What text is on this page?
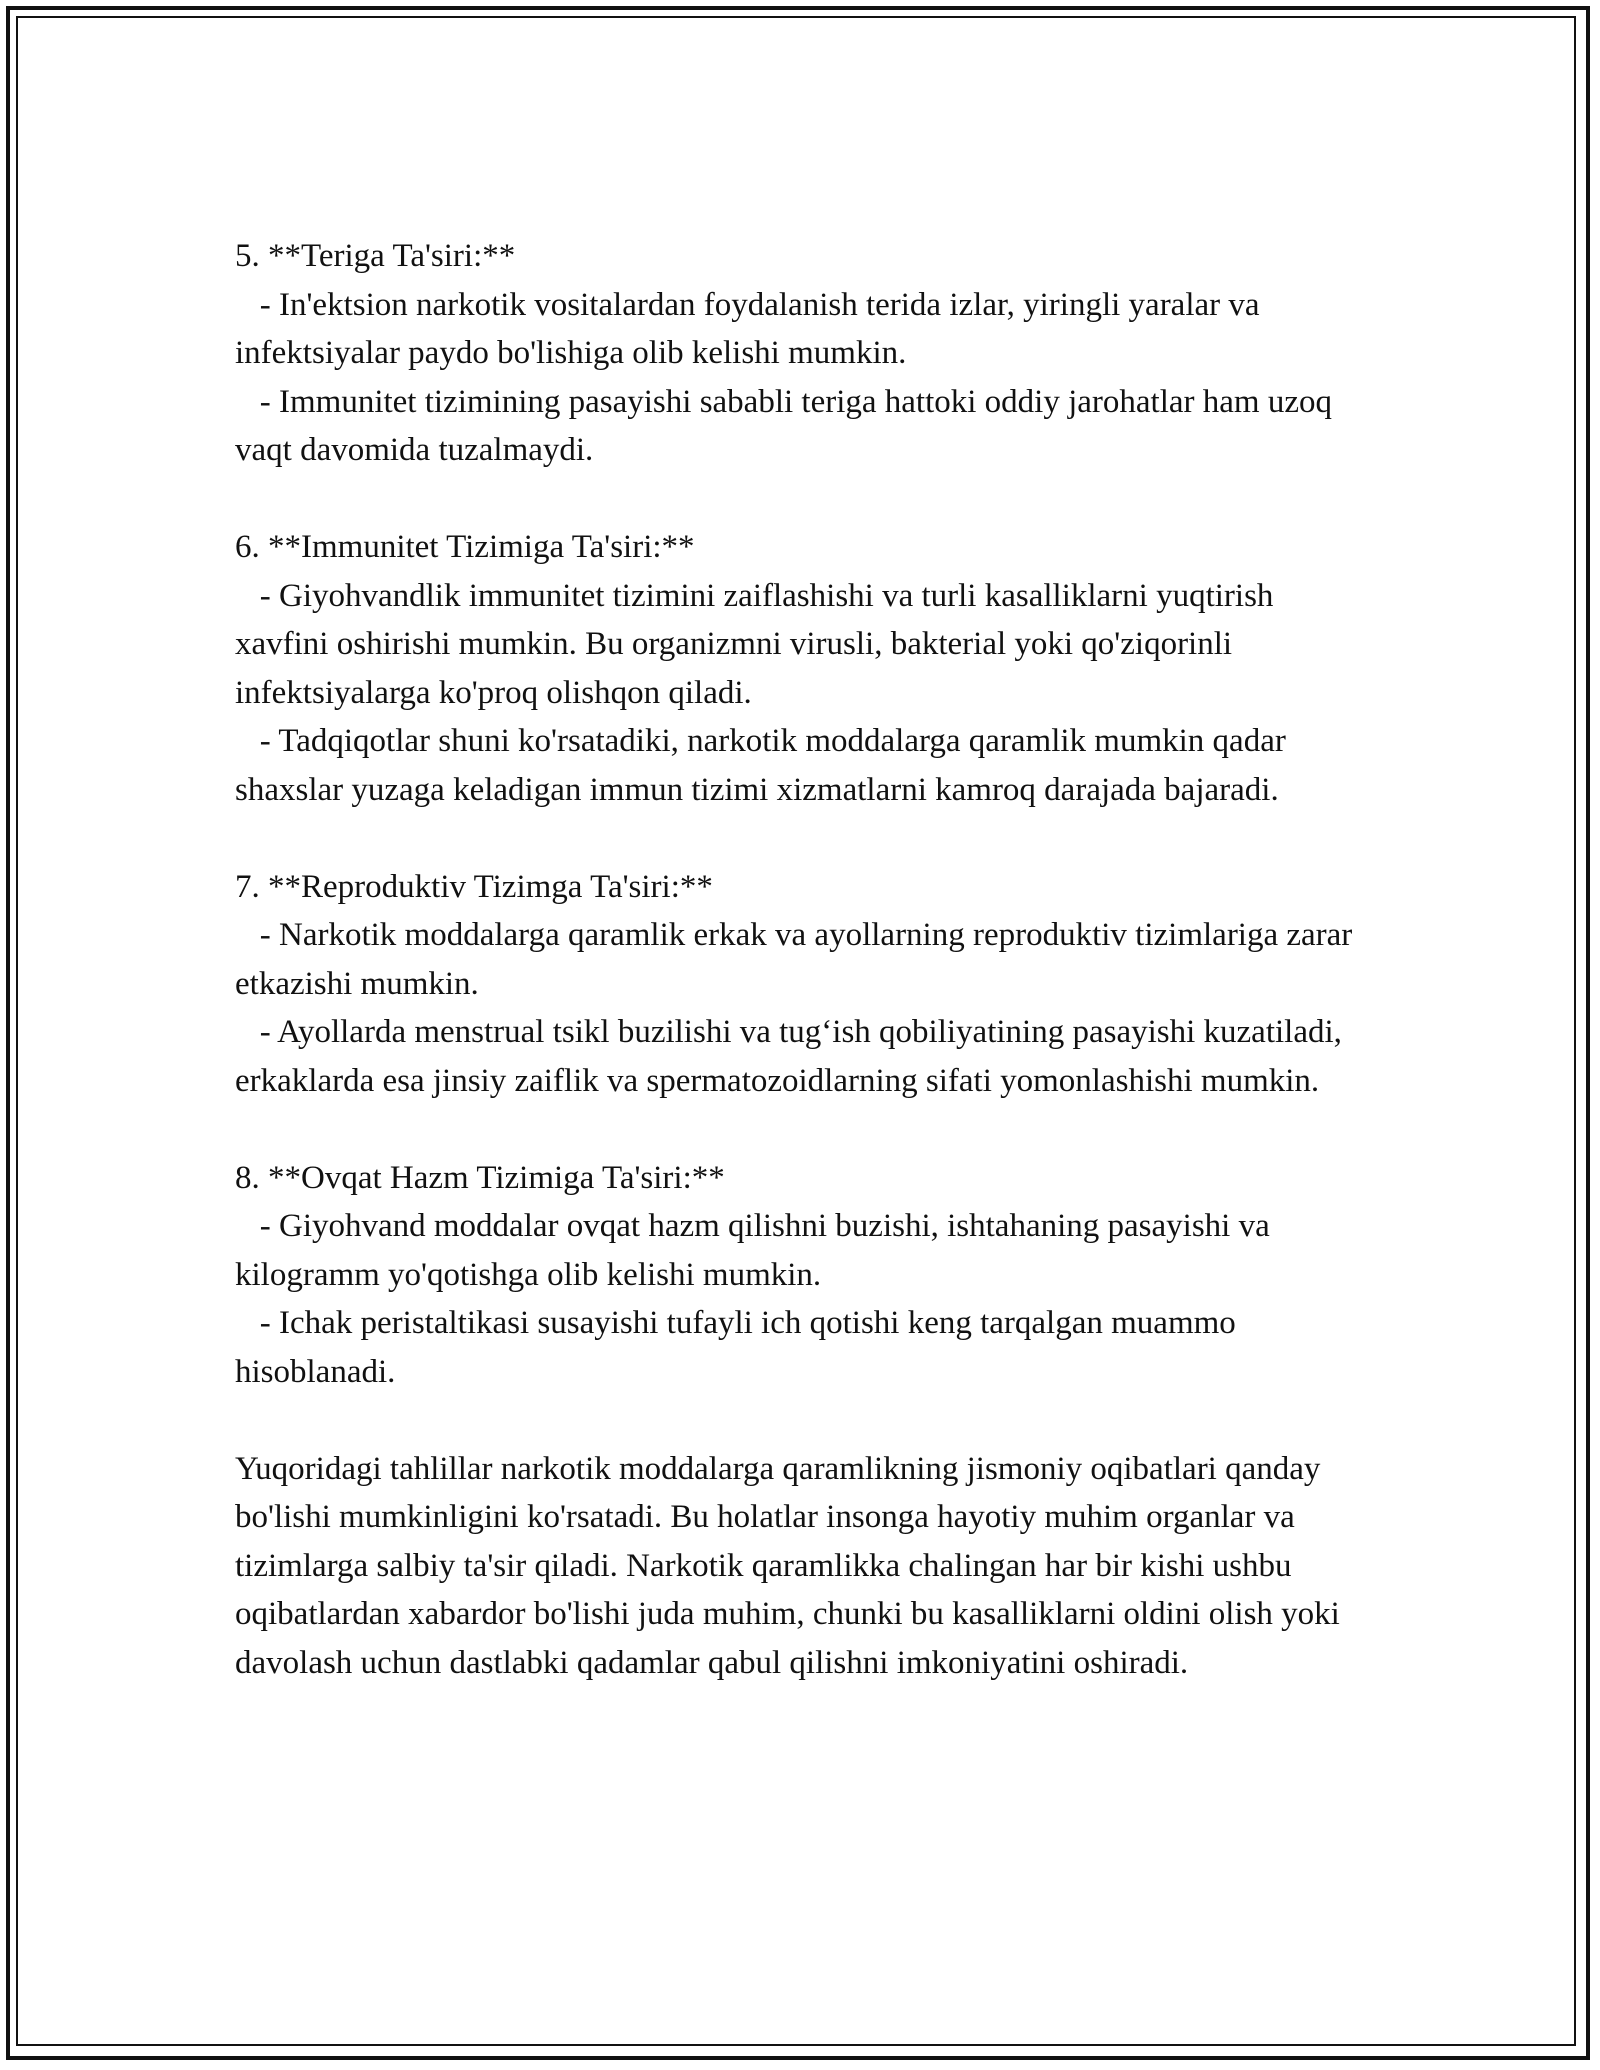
5. **Teriga Ta'siri:**
- In'ektsion narkotik vositalardan foydalanish terida izlar, yiringli yaralar va infektsiyalar paydo bo'lishiga olib kelishi mumkin.
- Immunitet tizimining pasayishi sababli teriga hattoki oddiy jarohatlar ham uzoq vaqt davomida tuzalmaydi.
6. **Immunitet Tizimiga Ta'siri:**
- Giyohvandlik immunitet tizimini zaiflashishi va turli kasalliklarni yuqtirish xavfini oshirishi mumkin. Bu organizmni virusli, bakterial yoki qo'ziqorinli infektsiyalarga ko'proq olishqon qiladi.
- Tadqiqotlar shuni ko'rsatadiki, narkotik moddalarga qaramlik mumkin qadar shaxslar yuzaga keladigan immun tizimi xizmatlarni kamroq darajada bajaradi.
7. **Reproduktiv Tizimga Ta'siri:**
- Narkotik moddalarga qaramlik erkak va ayollarning reproduktiv tizimlariga zarar etkazishi mumkin.
- Ayollarda menstrual tsikl buzilishi va tug‘ish qobiliyatining pasayishi kuzatiladi, erkaklarda esa jinsiy zaiflik va spermatozoidlarning sifati yomonlashishi mumkin.
8. **Ovqat Hazm Tizimiga Ta'siri:**
- Giyohvand moddalar ovqat hazm qilishni buzishi, ishtahaning pasayishi va kilogramm yo'qotishga olib kelishi mumkin.
- Ichak peristaltikasi susayishi tufayli ich qotishi keng tarqalgan muammo hisoblanadi.

Yuqoridagi tahlillar narkotik moddalarga qaramlikning jismoniy oqibatlari qanday bo'lishi mumkinligini ko'rsatadi. Bu holatlar insonga hayotiy muhim organlar va tizimlarga salbiy ta'sir qiladi. Narkotik qaramlikka chalingan har bir kishi ushbu oqibatlardan xabardor bo'lishi juda muhim, chunki bu kasalliklarni oldini olish yoki davolash uchun dastlabki qadamlar qabul qilishni imkoniyatini oshiradi.
